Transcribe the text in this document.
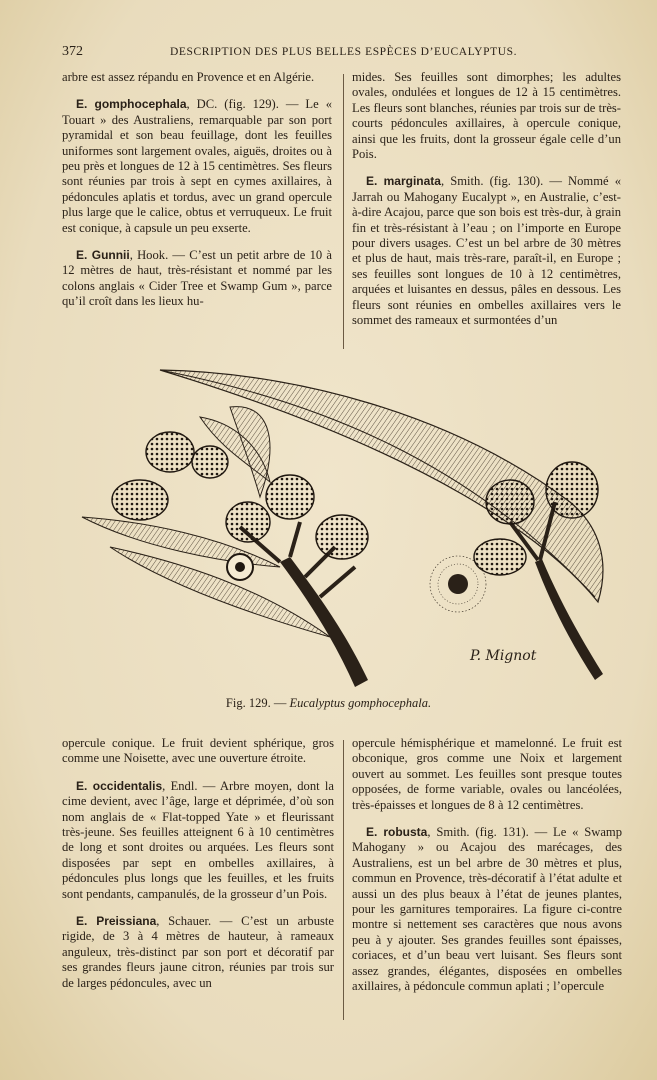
372	DESCRIPTION DES PLUS BELLES ESPÈCES D’EUCALYPTUS.

arbre est assez répandu en Provence et en Algérie.

E. gomphocephala, DC. (fig. 129). — Le « Touart » des Australiens, remarquable par son port pyramidal et son beau feuillage, dont les feuilles uniformes sont largement ovales, aiguës, droites ou à peu près et longues de 12 à 15 centimètres. Ses fleurs sont réunies par trois à sept en cymes axillaires, à pédoncules aplatis et tordus, avec un grand opercule plus large que le calice, obtus et verruqueux. Le fruit est conique, à capsule un peu exserte.

E. Gunnii, Hook. — C’est un petit arbre de 10 à 12 mètres de haut, très-résistant et nommé par les colons anglais « Cider Tree et Swamp Gum », parce qu’il croît dans les lieux hu-

mides. Ses feuilles sont dimorphes; les adultes ovales, ondulées et longues de 12 à 15 centimètres. Les fleurs sont blanches, réunies par trois sur de très-courts pédoncules axillaires, à opercule conique, ainsi que les fruits, dont la grosseur égale celle d’un Pois.

E. marginata, Smith. (fig. 130). — Nommé « Jarrah ou Mahogany Eucalypt », en Australie, c’est-à-dire Acajou, parce que son bois est très-dur, à grain fin et très-résistant à l’eau ; on l’importe en Europe pour divers usages. C’est un bel arbre de 30 mètres et plus de haut, mais très-rare, paraît-il, en Europe ; ses feuilles sont longues de 10 à 12 centimètres, arquées et luisantes en dessus, pâles en dessous. Les fleurs sont réunies en ombelles axillaires vers le sommet des rameaux et surmontées d’un

P. Mignot
Fig. 129. — Eucalyptus gomphocephala.

opercule conique. Le fruit devient sphérique, gros comme une Noisette, avec une ouverture étroite.

E. occidentalis, Endl. — Arbre moyen, dont la cime devient, avec l’âge, large et déprimée, d’où son nom anglais de « Flat-topped Yate » et fleurissant très-jeune. Ses feuilles atteignent 6 à 10 centimètres de long et sont droites ou arquées. Les fleurs sont disposées par sept en ombelles axillaires, à pédoncules plus longs que les feuilles, et les fruits sont pendants, campanulés, de la grosseur d’un Pois.

E. Preissiana, Schauer. — C’est un arbuste rigide, de 3 à 4 mètres de hauteur, à rameaux anguleux, très-distinct par son port et décoratif par ses grandes fleurs jaune citron, réunies par trois sur de larges pédoncules, avec un

opercule hémisphérique et mamelonné. Le fruit est obconique, gros comme une Noix et largement ouvert au sommet. Les feuilles sont presque toutes opposées, de forme variable, ovales ou lancéolées, très-épaisses et longues de 8 à 12 centimètres.

E. robusta, Smith. (fig. 131). — Le « Swamp Mahogany » ou Acajou des marécages, des Australiens, est un bel arbre de 30 mètres et plus, commun en Provence, très-décoratif à l’état adulte et aussi un des plus beaux à l’état de jeunes plantes, pour les garnitures temporaires. La figure ci-contre montre si nettement ses caractères que nous avons peu à y ajouter. Ses grandes feuilles sont épaisses, coriaces, et d’un beau vert luisant. Ses fleurs sont assez grandes, élégantes, disposées en ombelles axillaires, à pédoncule commun aplati ; l’opercule
